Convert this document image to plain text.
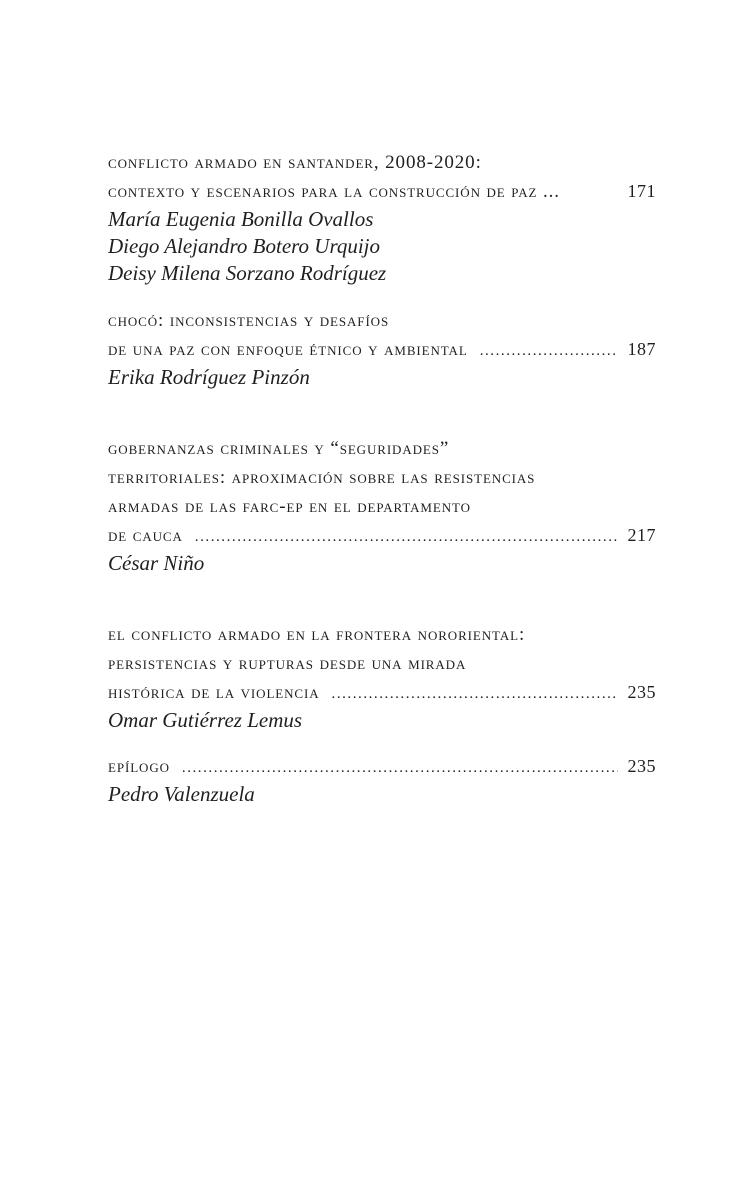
conflicto armado en santander, 2008-2020:
contexto y escenarios para la construcción de paz ...	171
María Eugenia Bonilla Ovallos
Diego Alejandro Botero Urquijo
Deisy Milena Sorzano Rodríguez
chocó: inconsistencias y desafíos
de una paz con enfoque étnico y ambiental . . .	187
Erika Rodríguez Pinzón
gobernanzas criminales y “seguridades”
territoriales: aproximación sobre las resistencias
armadas de las farc-ep en el departamento
de cauca . . .	217
César Niño
el conflicto armado en la frontera nororiental:
persistencias y rupturas desde una mirada
histórica de la violencia . . .	235
Omar Gutiérrez Lemus
epílogo . . .	235
Pedro Valenzuela
